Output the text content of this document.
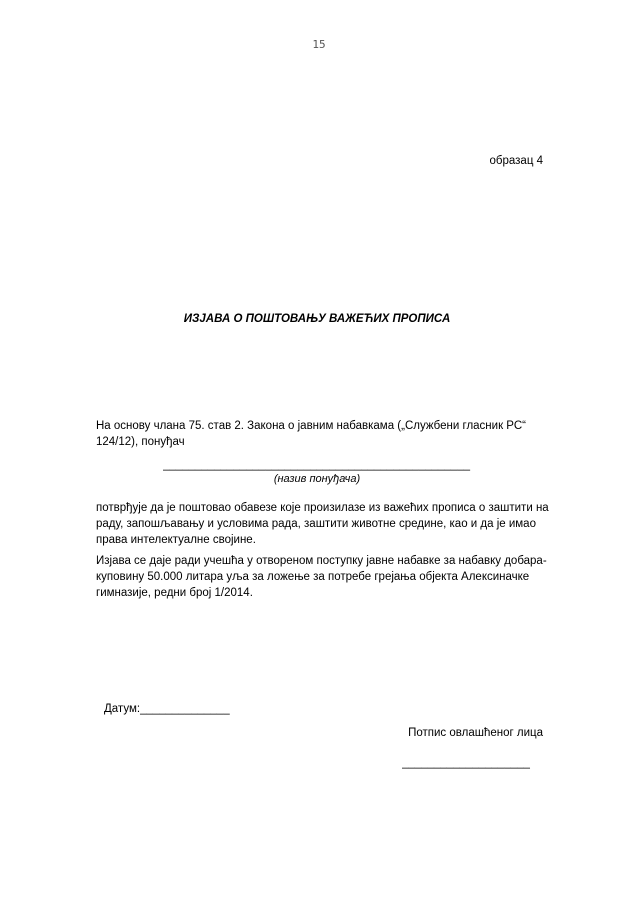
15
образац 4
ИЗЈАВА О ПОШТОВАЊУ ВАЖЕЋИХ ПРОПИСА
На основу члана 75. став 2. Закона о јавним набавкама („Службени гласник РС“ 124/12), понуђач
________________________________________________
(назив понуђача)
потврђује да је поштовао обавезе које произилазе из важећих прописа о заштити на раду, запошљавању и условима рада, заштити животне средине, као и да је имао права интелектуалне својине.
Изјава се даје ради учешћа у отвореном поступку јавне набавке за набавку добара- куповину 50.000 литара уља за ложење за потребе грејања објекта Алексиначке гимназије, редни број 1/2014.
Датум:______________
Потпис овлашћеног лица
____________________
